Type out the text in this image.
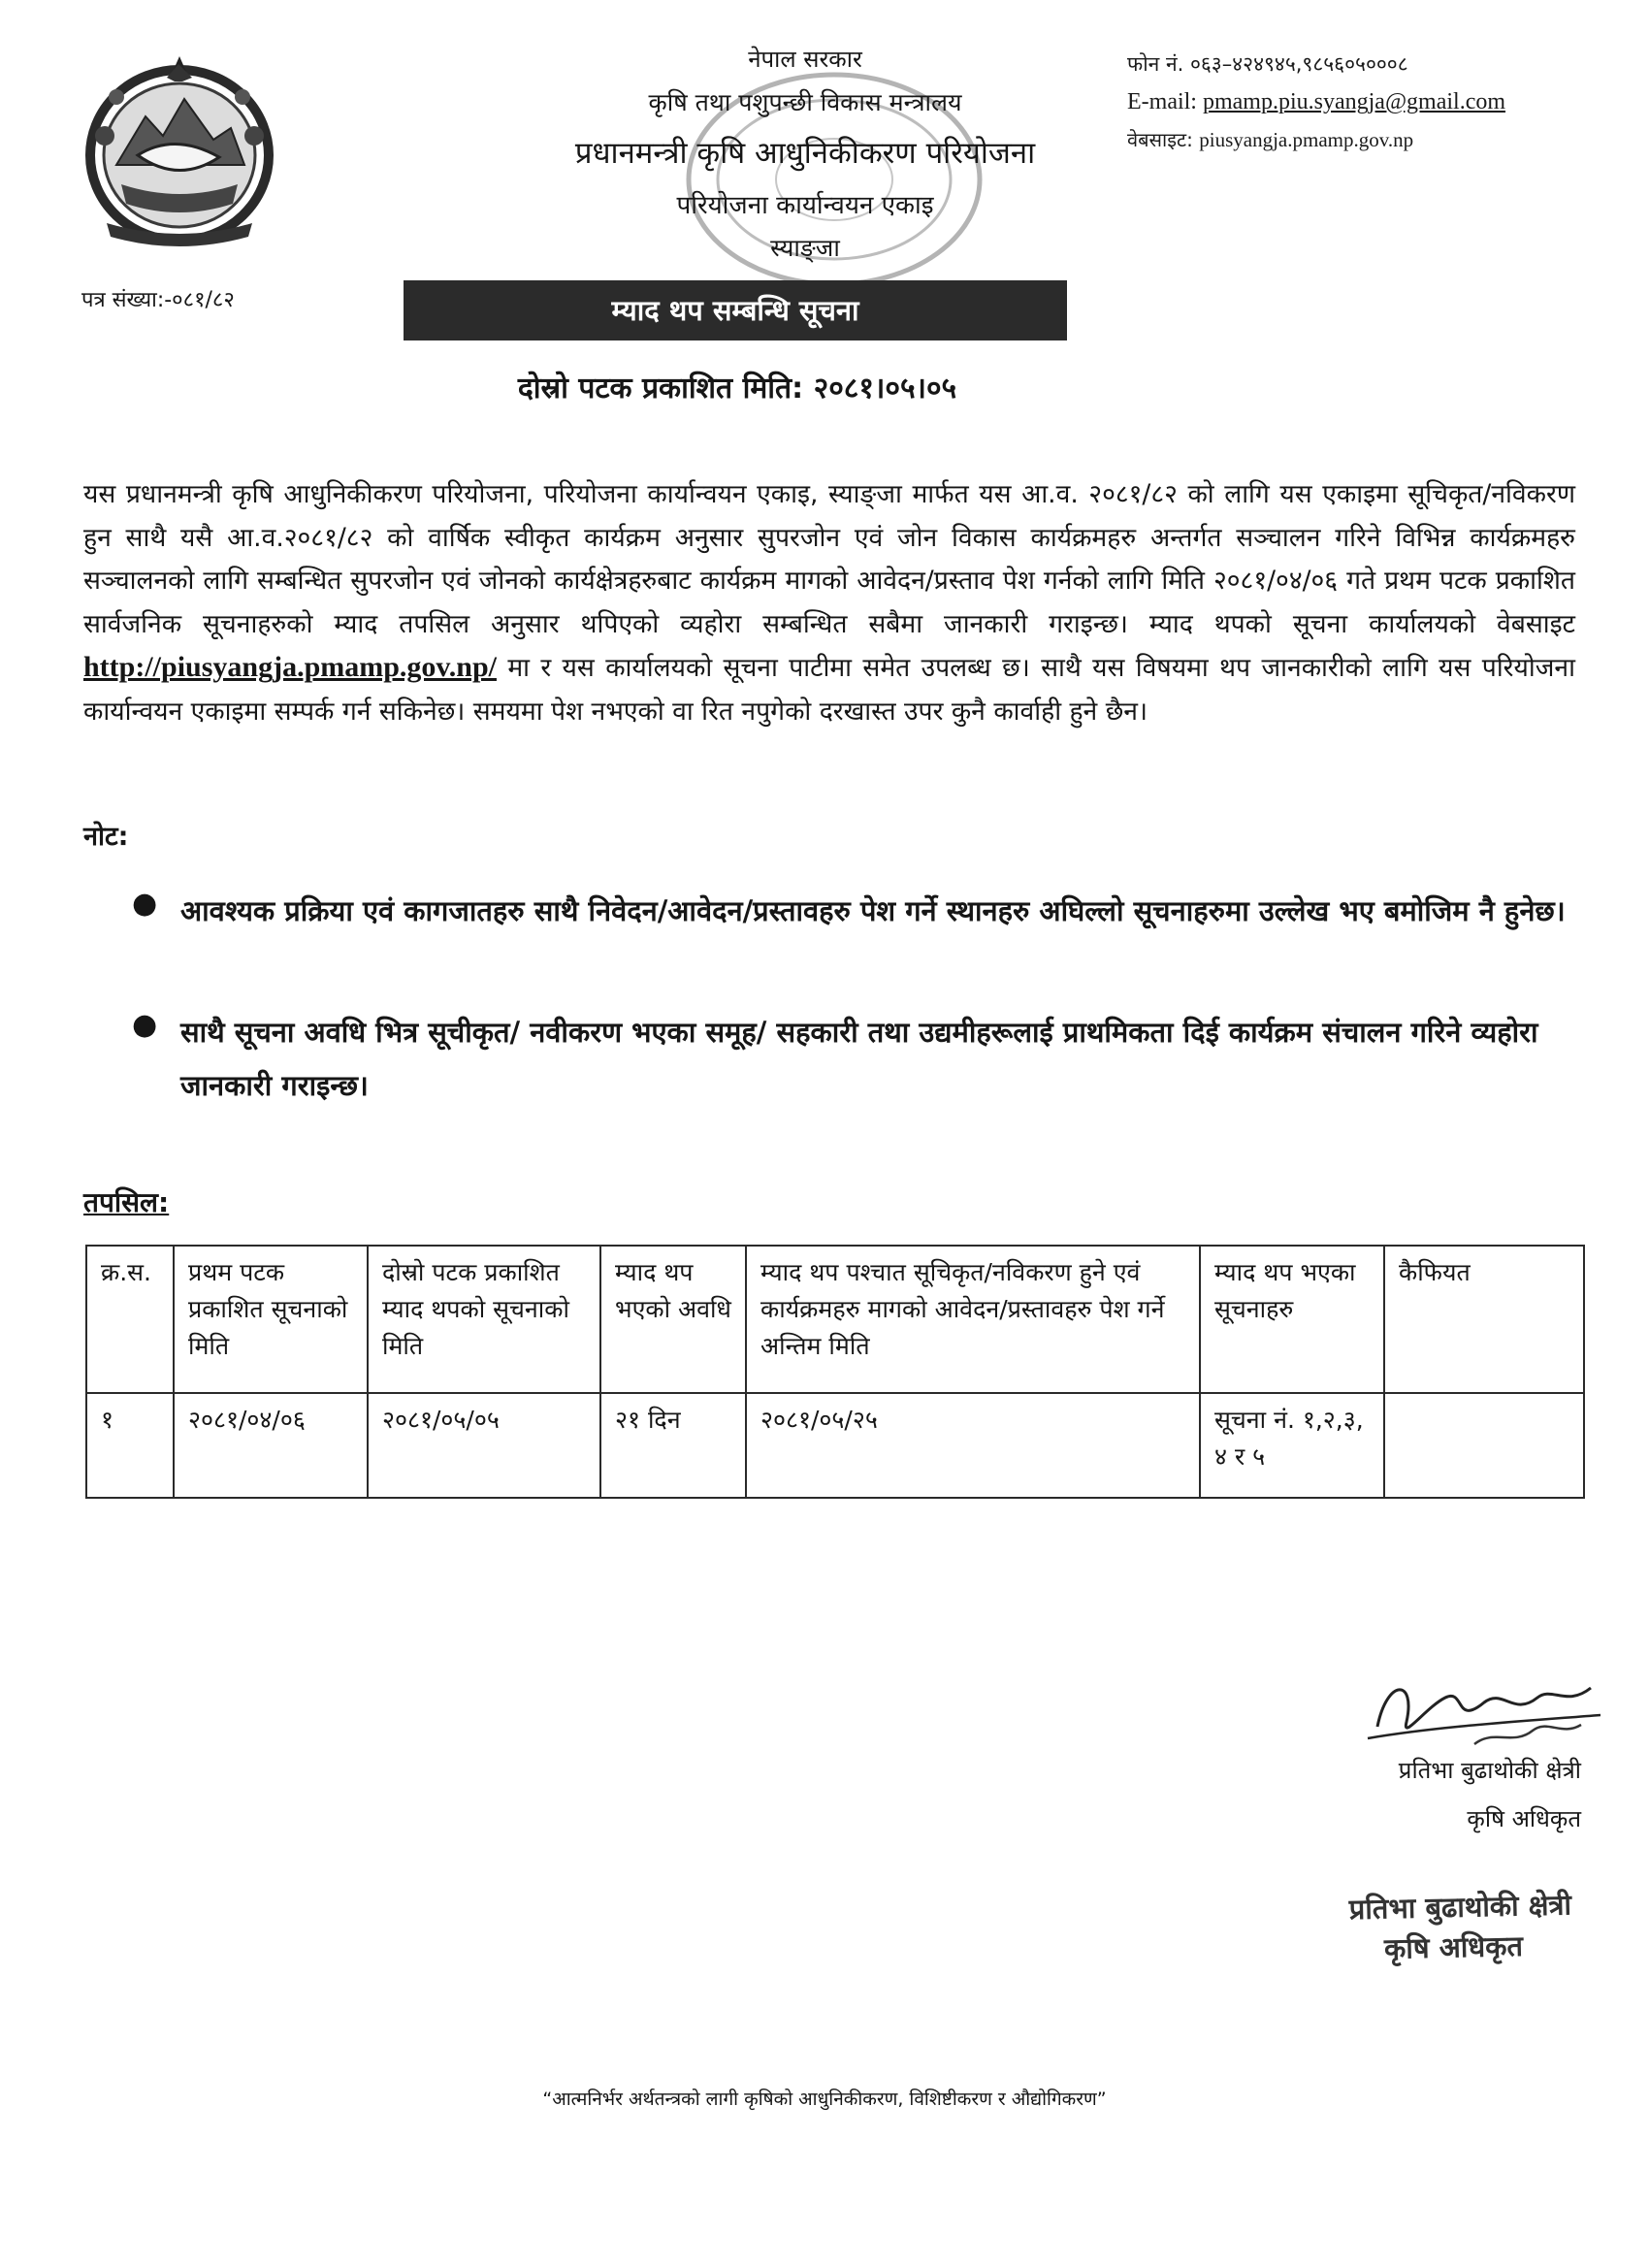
नेपाल सरकार
कृषि तथा पशुपन्छी विकास मन्त्रालय
प्रधानमन्त्री कृषि आधुनिकीकरण परियोजना
परियोजना कार्यान्वयन एकाइ
स्याङ्जा
फोन नं. ०६३–४२४९४५,९८५६०५०००८
E-mail: pmamp.piu.syangja@gmail.com
वेबसाइट: piusyangja.pmamp.gov.np
पत्र संख्या:-०८१/८२	म्याद थप सम्बन्धि सूचना
दोस्रो पटक प्रकाशित मिति: २०८१।०५।०५
यस प्रधानमन्त्री कृषि आधुनिकीकरण परियोजना, परियोजना कार्यान्वयन एकाइ, स्याङ्जा मार्फत यस आ.व. २०८१/८२ को लागि यस एकाइमा सूचिकृत/नविकरण हुन साथै यसै आ.व.२०८१/८२ को वार्षिक स्वीकृत कार्यक्रम अनुसार सुपरजोन एवं जोन विकास कार्यक्रमहरु अन्तर्गत सञ्चालन गरिने विभिन्न कार्यक्रमहरु सञ्चालनको लागि सम्बन्धित सुपरजोन एवं जोनको कार्यक्षेत्रहरुबाट कार्यक्रम मागको आवेदन/प्रस्ताव पेश गर्नको लागि मिति २०८१/०४/०६ गते प्रथम पटक प्रकाशित सार्वजनिक सूचनाहरुको म्याद तपसिल अनुसार थपिएको व्यहोरा सम्बन्धित सबैमा जानकारी गराइन्छ। म्याद थपको सूचना कार्यालयको वेबसाइट http://piusyangja.pmamp.gov.np/ मा र यस कार्यालयको सूचना पाटीमा समेत उपलब्ध छ। साथै यस विषयमा थप जानकारीको लागि यस परियोजना कार्यान्वयन एकाइमा सम्पर्क गर्न सकिनेछ। समयमा पेश नभएको वा रित नपुगेको दरखास्त उपर कुनै कार्वाही हुने छैन।
नोट:
● आवश्यक प्रक्रिया एवं कागजातहरु साथै निवेदन/आवेदन/प्रस्तावहरु पेश गर्ने स्थानहरु अघिल्लो सूचनाहरुमा उल्लेख भए बमोजिम नै हुनेछ।
● साथै सूचना अवधि भित्र सूचीकृत/ नवीकरण भएका समूह/ सहकारी तथा उद्यमीहरूलाई प्राथमिकता दिई कार्यक्रम संचालन गरिने व्यहोरा जानकारी गराइन्छ।
तपसिल:
क्र.स.	प्रथम पटक प्रकाशित सूचनाको मिति	दोस्रो पटक प्रकाशित म्याद थपको सूचनाको मिति	म्याद थप भएको अवधि	म्याद थप पश्चात सूचिकृत/नविकरण हुने एवं कार्यक्रमहरु मागको आवेदन/प्रस्तावहरु पेश गर्ने अन्तिम मिति	म्याद थप भएका सूचनाहरु	कैफियत
१	२०८१/०४/०६	२०८१/०५/०५	२१ दिन	२०८१/०५/२५	सूचना नं. १,२,३, ४ र ५	
प्रतिभा बुढाथोकी क्षेत्री
कृषि अधिकृत
प्रतिभा बुढाथोकी क्षेत्री
कृषि अधिकृत
“आत्मनिर्भर अर्थतन्त्रको लागी कृषिको आधुनिकीकरण, विशिष्टीकरण र औद्योगिकरण”
